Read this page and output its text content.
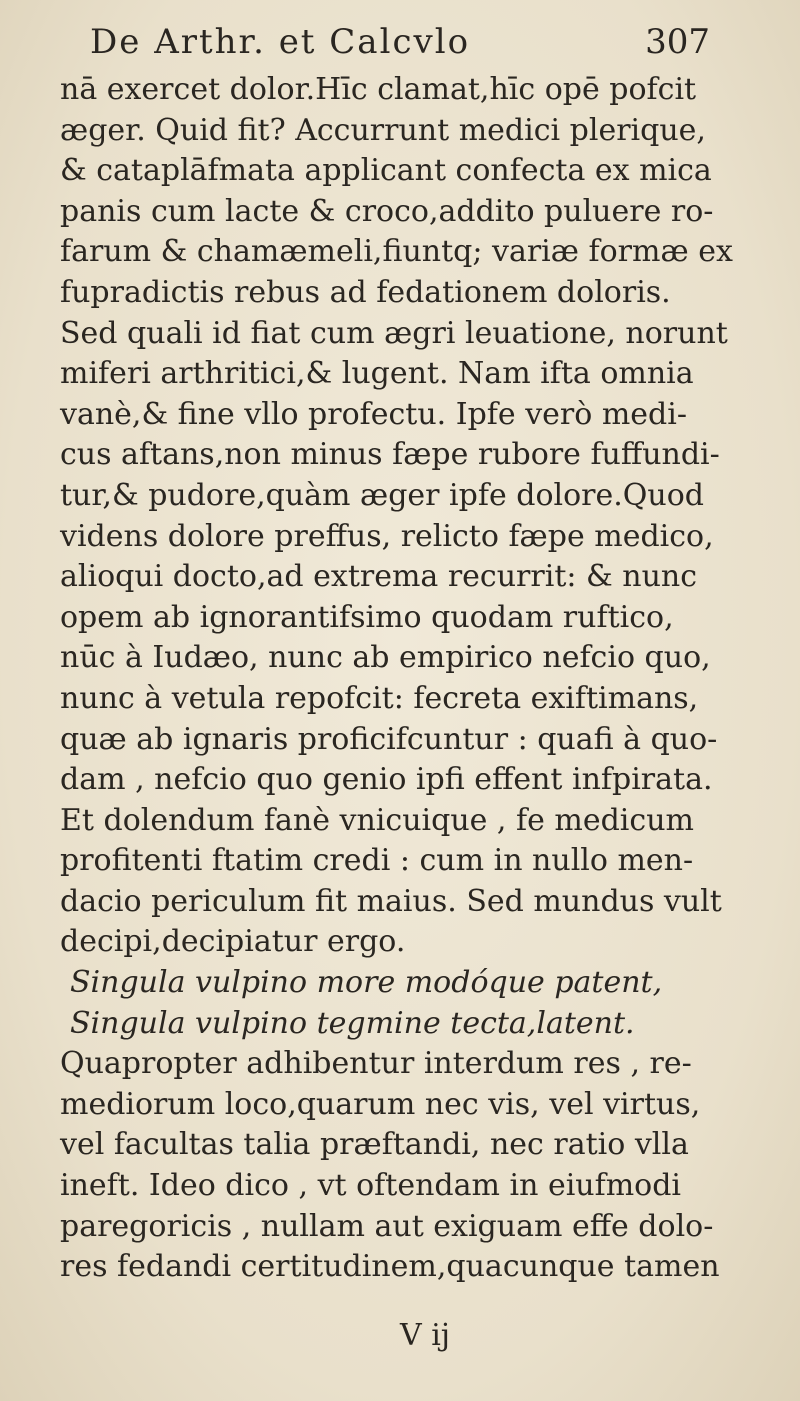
De Arthr. et Calcvlo	307
nā exercet dolor.Hīc clamat,hīc opē pofcit
æger. Quid fit? Accurrunt medici plerique,
& cataplāfmata applicant confecta ex mica
panis cum lacte & croco,addito puluere ro-
farum & chamæmeli,fiuntq; variæ formæ ex
fupradictis rebus ad fedationem doloris.
Sed quali id fiat cum ægri leuatione, norunt
miferi arthritici,& lugent. Nam ifta omnia
vanè,& fine vllo profectu. Ipfe verò medi-
cus aftans,non minus fæpe rubore fuffundi-
tur,& pudore,quàm æger ipfe dolore.Quod
videns dolore preffus, relicto fæpe medico,
alioqui docto,ad extrema recurrit: & nunc
opem ab ignorantifsimo quodam ruftico,
nūc à Iudæo, nunc ab empirico nefcio quo,
nunc à vetula repofcit: fecreta exiftimans,
quæ ab ignaris proficifcuntur : quafi à quo-
dam , nefcio quo genio ipfi effent infpirata.
Et dolendum fanè vnicuique , fe medicum
profitenti ftatim credi : cum in nullo men-
dacio periculum fit maius. Sed mundus vult
decipi,decipiatur ergo.
Singula vulpino more modóque patent,
Singula vulpino tegmine tecta,latent.
Quapropter adhibentur interdum res , re-
mediorum loco,quarum nec vis, vel virtus,
vel facultas talia præftandi, nec ratio vlla
ineft. Ideo dico , vt oftendam in eiufmodi
paregoricis , nullam aut exiguam effe dolo-
res fedandi certitudinem,quacunque tamen
V ij
